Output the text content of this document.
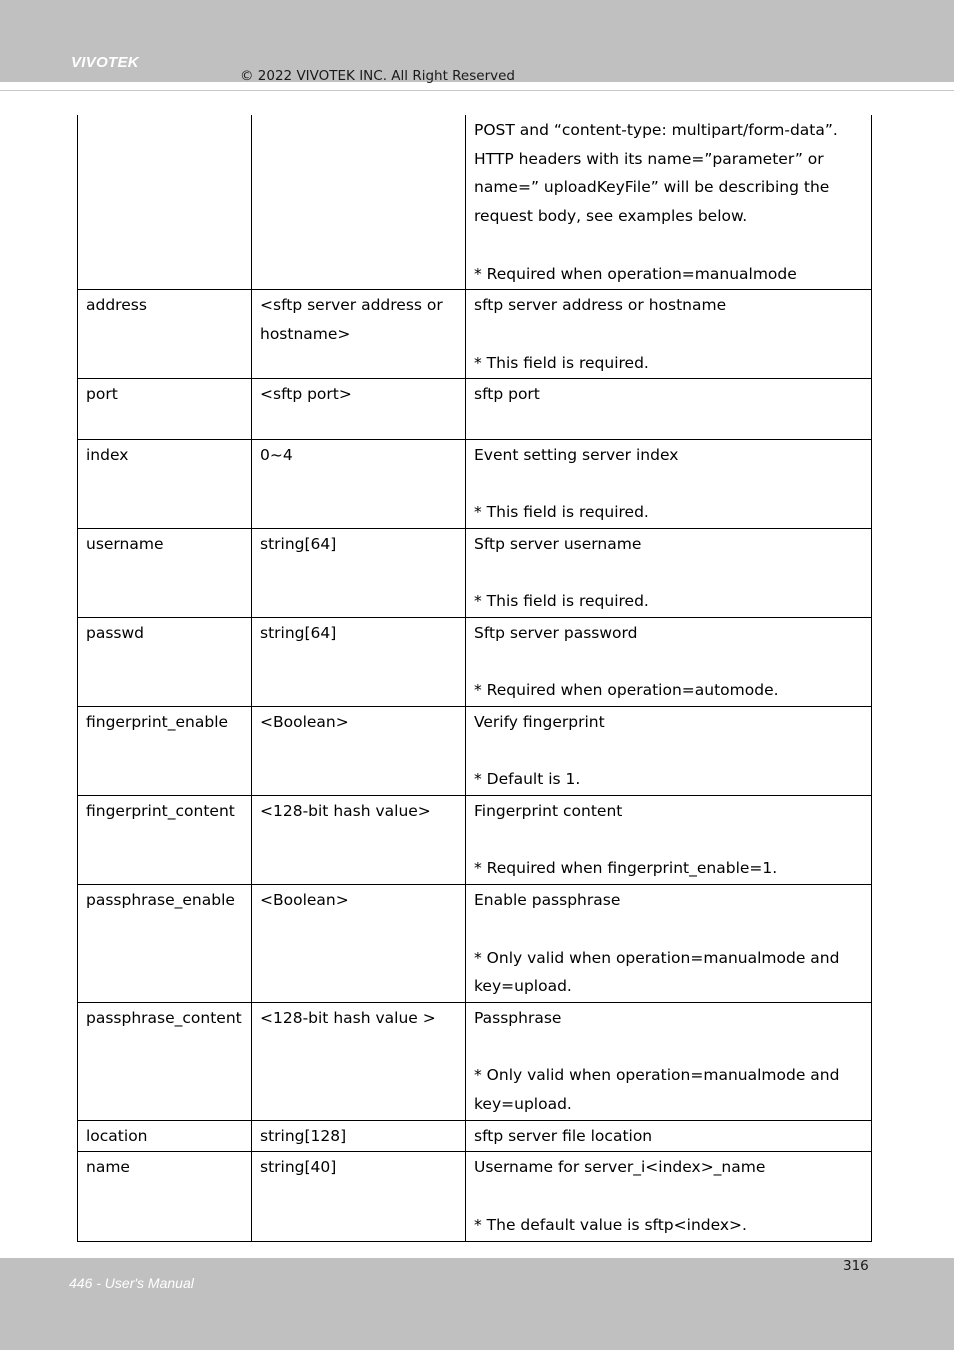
VIVOTEK
© 2022 VIVOTEK INC. All Right Reserved

		POST and “content-type: multipart/form-data”.
HTTP headers with its name=”parameter” or
name=” uploadKeyFile” will be describing the
request body, see examples below.
* Required when operation=manualmode

address	<sftp server address or hostname>	sftp server address or hostname
* This field is required.

port	<sftp port>	sftp port

index	0~4	Event setting server index
* This field is required.

username	string[64]	Sftp server username
* This field is required.

passwd	string[64]	Sftp server password
* Required when operation=automode.

fingerprint_enable	<Boolean>	Verify fingerprint
* Default is 1.

fingerprint_content	<128-bit hash value>	Fingerprint content
* Required when fingerprint_enable=1.

passphrase_enable	<Boolean>	Enable passphrase
* Only valid when operation=manualmode and
key=upload.

passphrase_content	<128-bit hash value >	Passphrase
* Only valid when operation=manualmode and
key=upload.

location	string[128]	sftp server file location

name	string[40]	Username for server_i<index>_name
* The default value is sftp<index>.
316
446 - User's Manual
